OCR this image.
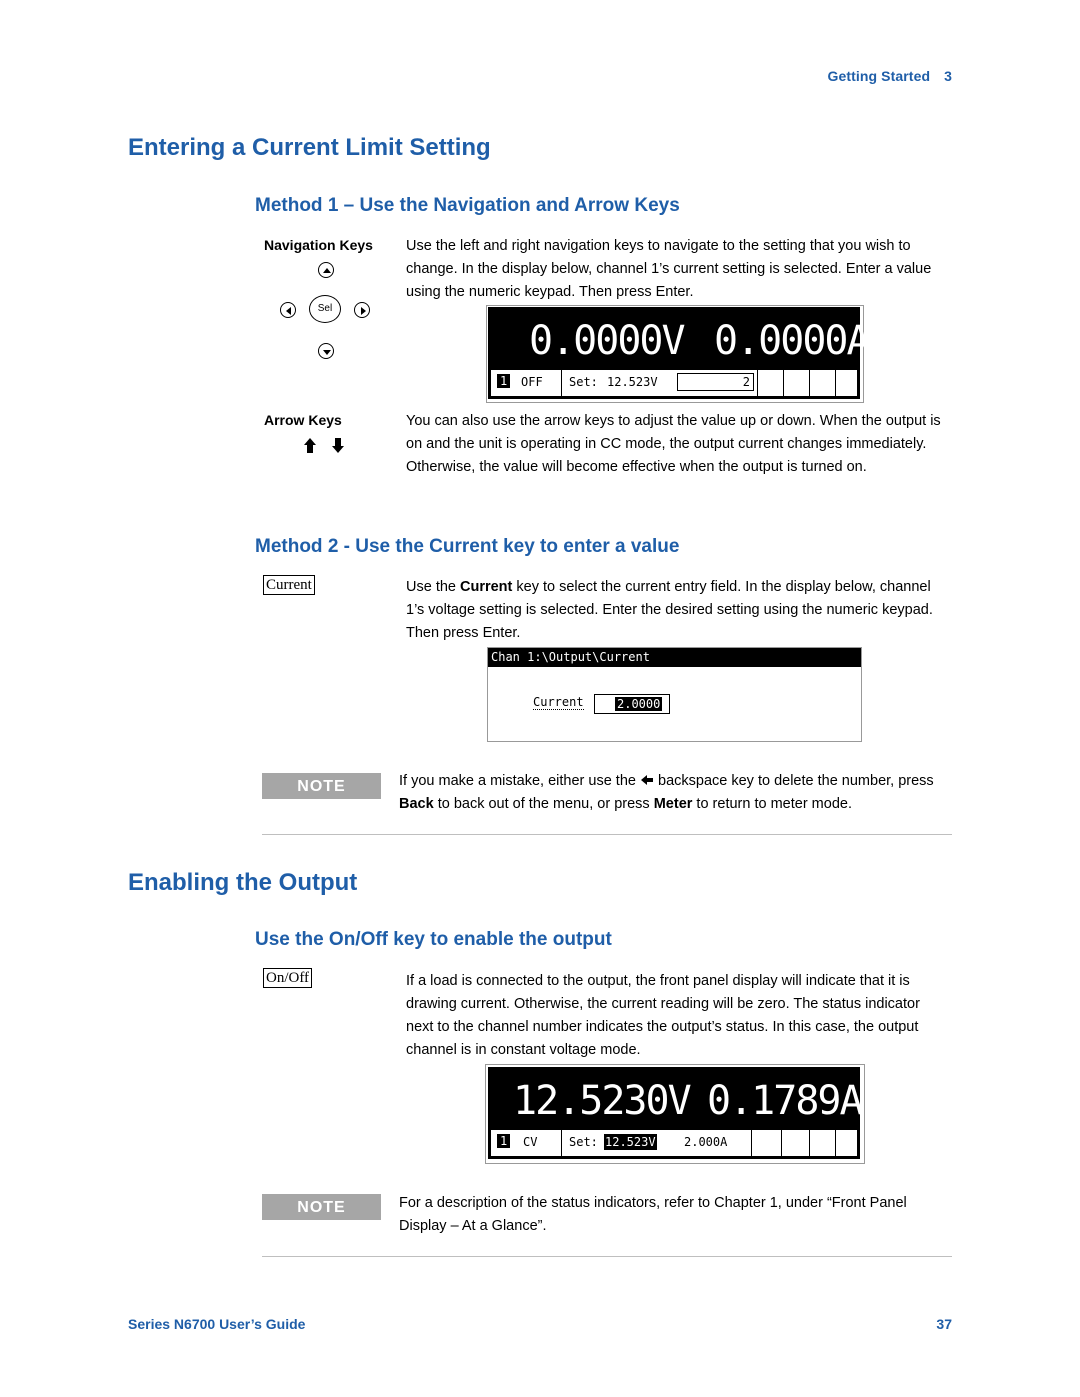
Getting Started 3
Entering a Current Limit Setting
Method 1 – Use the Navigation and Arrow Keys
Navigation Keys
Sel
Use the left and right navigation keys to navigate to the setting that you wish to change. In the display below, channel 1’s current setting is selected. Enter a value using the numeric keypad. Then press Enter.
0.0000V 0.0000A
1 OFF Set: 12.523V	2
Arrow Keys	You can also use the arrow keys to adjust the value up or down. When the output is on and the unit is operating in CC mode, the output current changes immediately. Otherwise, the value will become effective when the output is turned on.
Method 2 - Use the Current key to enter a value
Current	Use the Current key to select the current entry field. In the display below, channel 1’s voltage setting is selected. Enter the desired setting using the numeric keypad. Then press Enter.
Chan 1:\Output\Current
Current	2.0000
NOTE	If you make a mistake, either use the  backspace key to delete the number, press Back to back out of the menu, or press Meter to return to meter mode.
Enabling the Output
Use the On/Off key to enable the output
On/Off	If a load is connected to the output, the front panel display will indicate that it is drawing current. Otherwise, the current reading will be zero. The status indicator next to the channel number indicates the output’s status. In this case, the output channel is in constant voltage mode.
12.5230V 0.1789A
1 CV	Set: 12.523V 2.000A
NOTE	For a description of the status indicators, refer to Chapter 1, under “Front Panel Display – At a Glance”.
Series N6700 User’s Guide	37
